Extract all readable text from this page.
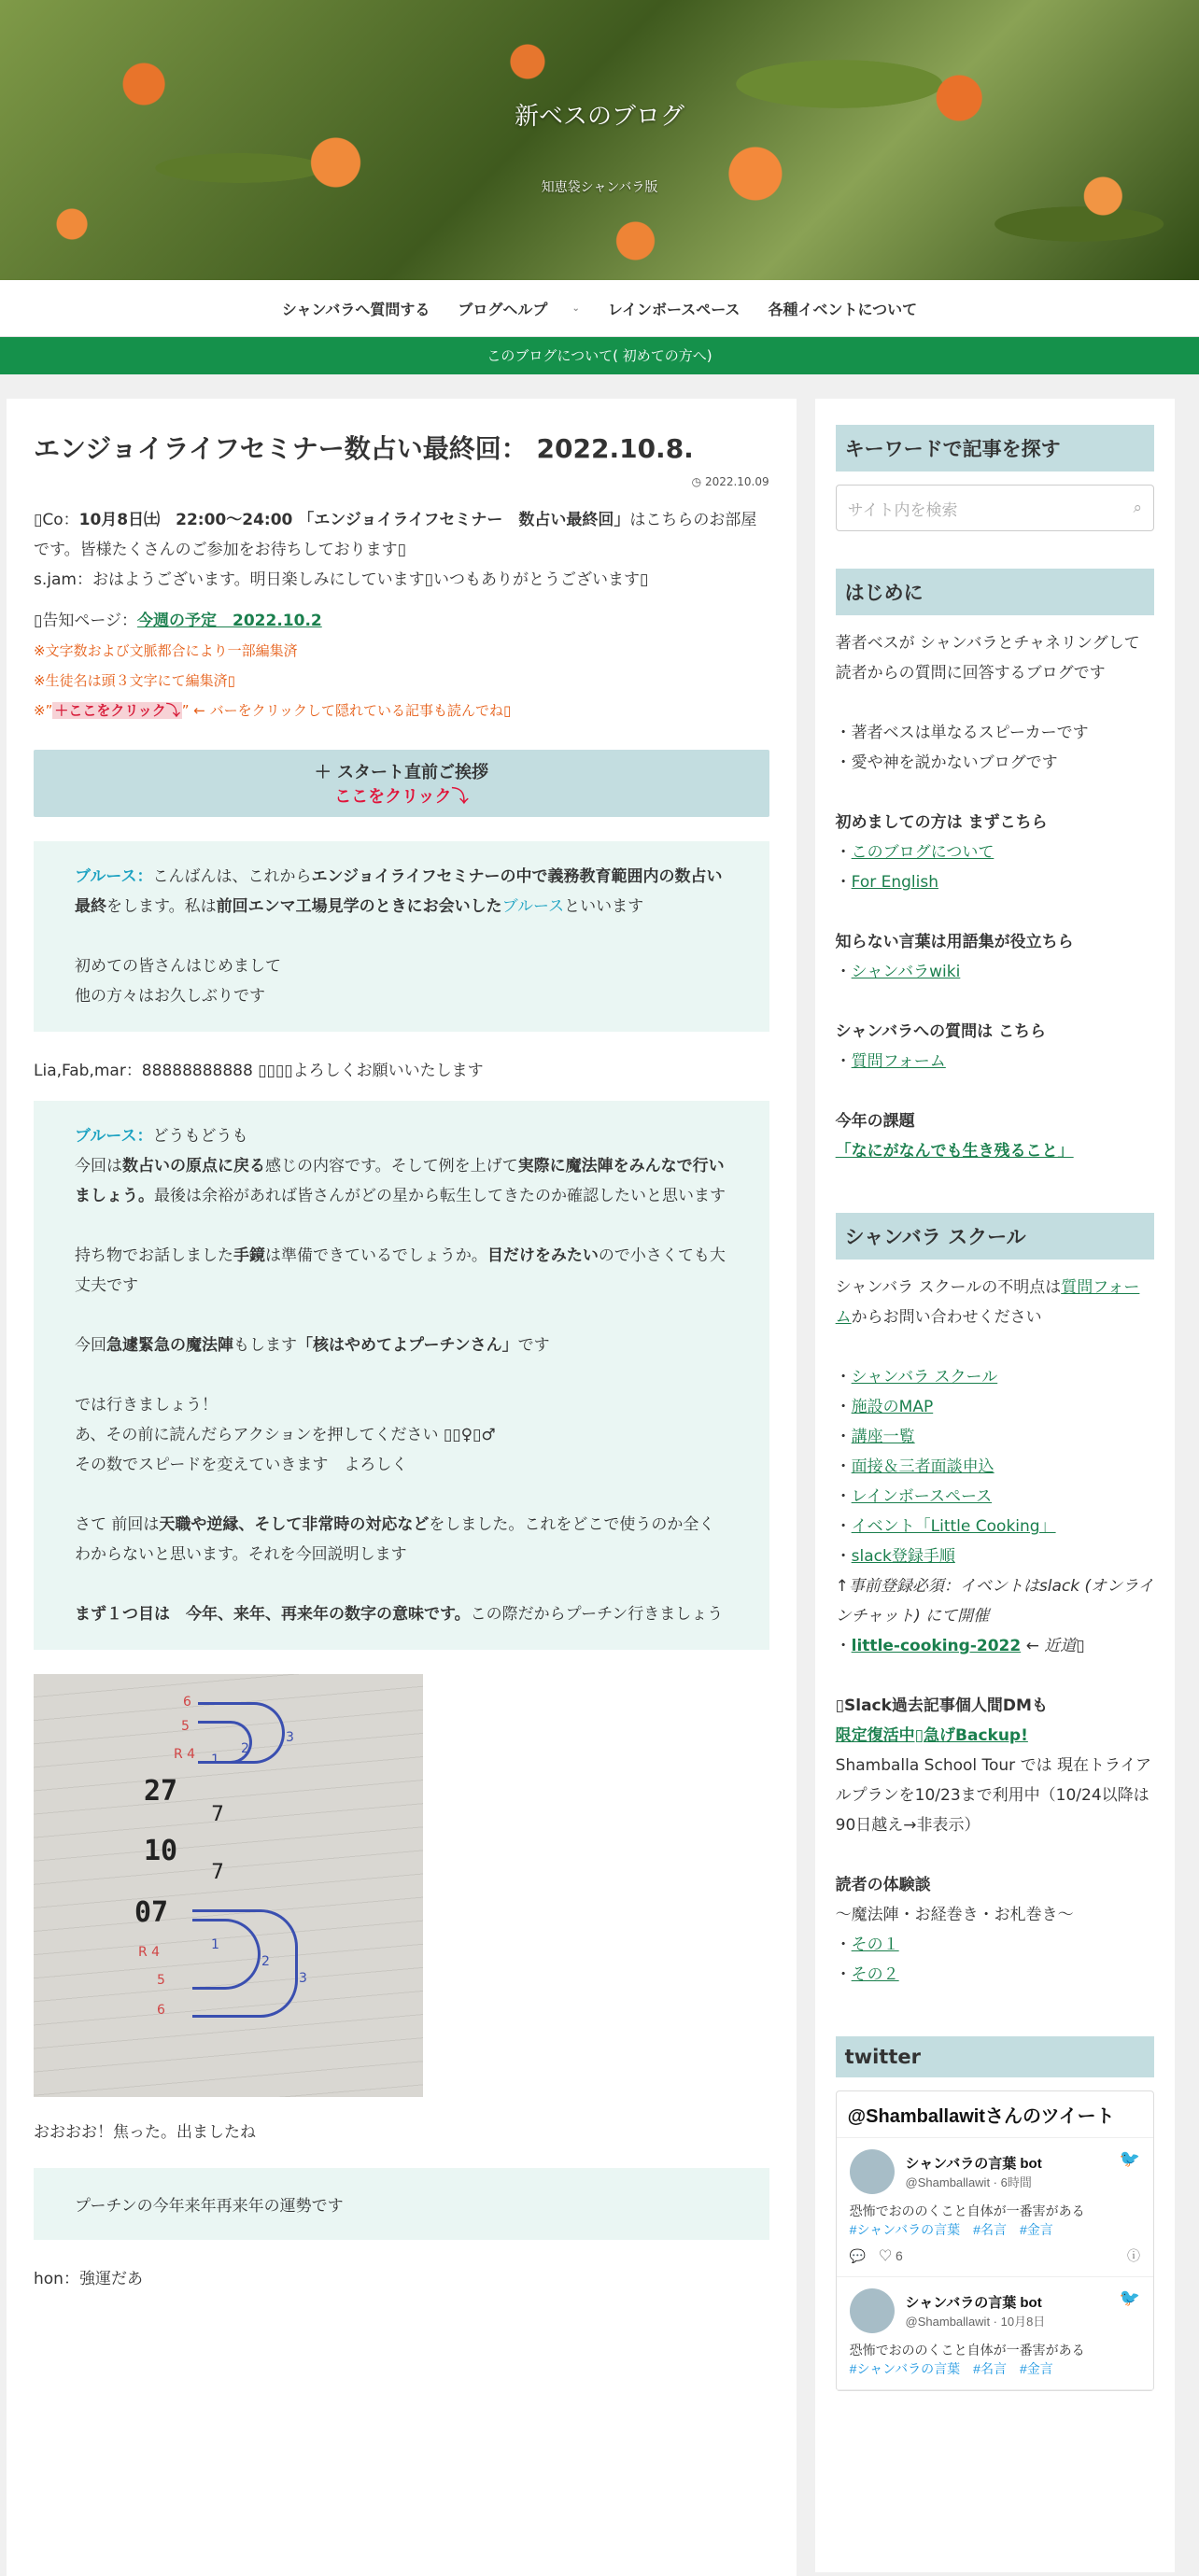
新ベスのブログ
知恵袋シャンバラ版
シャンバラへ質問する ブログヘルプ	⌄ レインボースペース 各種イベントについて
このブログについて( 初めての方へ)
エンジョイライフセミナー数占い最終回： 2022.10.8.
◷ 2022.10.09

▯Co：10月8日㈯　22:00〜24:00 「エンジョイライフセミナー　数占い最終回」はこちらのお部屋です。皆様たくさんのご参加をお待ちしております▯

s.jam：おはようございます。明日楽しみにしています▯いつもありがとうございます▯

▯告知ページ：今週の予定　2022.10.2

※文字数および文脈都合により一部編集済
※生徒名は頭３文字にて編集済▯
※” ＋ここをクリック⤵ ” ← バーをクリックして隠れている記事も読んでね▯
＋ スタート直前ご挨拶
ここをクリック⤵
ブルース：こんばんは、これからエンジョイライフセミナーの中で義務教育範囲内の数占い最終をします。私は前回エンマ工場見学のときにお会いしたブルースといいます
初めての皆さんはじめまして
他の方々はお久しぶりです

Lia,Fab,mar：88888888888 ▯▯▯▯よろしくお願いいたします

ブルース：どうもどうも
今回は数占いの原点に戻る感じの内容です。そして例を上げて実際に魔法陣をみんなで行いましょう。最後は余裕があれば皆さんがどの星から転生してきたのか確認したいと思います
持ち物でお話しました手鏡は準備できているでしょうか。目だけをみたいので小さくても大丈夫です
今回急遽緊急の魔法陣もします「核はやめてよプーチンさん」です
では行きましょう！
あ、その前に読んだらアクションを押してください ▯▯♀▯♂
その数でスピードを変えていきます　よろしく
さて 前回は天職や逆縁、そして非常時の対応などをしました。これをどこで使うのか全くわからないと思います。それを今回説明します
まず１つ目は　今年、来年、再来年の数字の意味です。この際だからプーチン行きましょう
6
5
R 4
3
2
1
27
7
10
7
07
R 4
5
6
1
2
3

おおおお！焦った。出ましたね

プーチンの今年来年再来年の運勢です

hon：強運だあ

キーワードで記事を探す
サイト内を検索	⌕
はじめに

著者ベスが シャンバラとチャネリングして 読者からの質問に回答するブログです

・著者ベスは単なるスピーカーです

・愛や神を説かないブログです

初めましての方は まずこちら

・このブログについて

・For English

知らない言葉は用語集が役立ちら

・シャンバラwiki

シャンバラへの質問は こちら

・質問フォーム

今年の課題

「なにがなんでも生き残ること」

シャンバラ スクール

シャンバラ スクールの不明点は質問フォームからお問い合わせください

・シャンバラ スクール

・施設のMAP

・講座一覧

・面接＆三者面談申込

・レインボースペース

・イベント「Little Cooking」

・slack登録手順

↑事前登録必須：イベントはslack (オンラインチャット) にて開催

・little-cooking-2022 ← 近道▯

▯Slack過去記事個人間DMも

限定復活中▯急げBackup!

Shamballa School Tour では 現在トライアルプランを10/23まで利用中（10/24以降は90日越え→非表示）

読者の体験談

〜魔法陣・お経巻き・お札巻き〜

・その１

・その２

twitter
@Shamballawitさんのツイート
🐦

シャンバラの言葉 bot
@Shamballawit · 6時間
恐怖でおののくこと自体が一番害がある
#シャンバラの言葉　#名言　#金言
💬　 ♡ 6	ⓘ
🐦

シャンバラの言葉 bot
@Shamballawit · 10月8日
恐怖でおののくこと自体が一番害がある
#シャンバラの言葉　#名言　#金言
